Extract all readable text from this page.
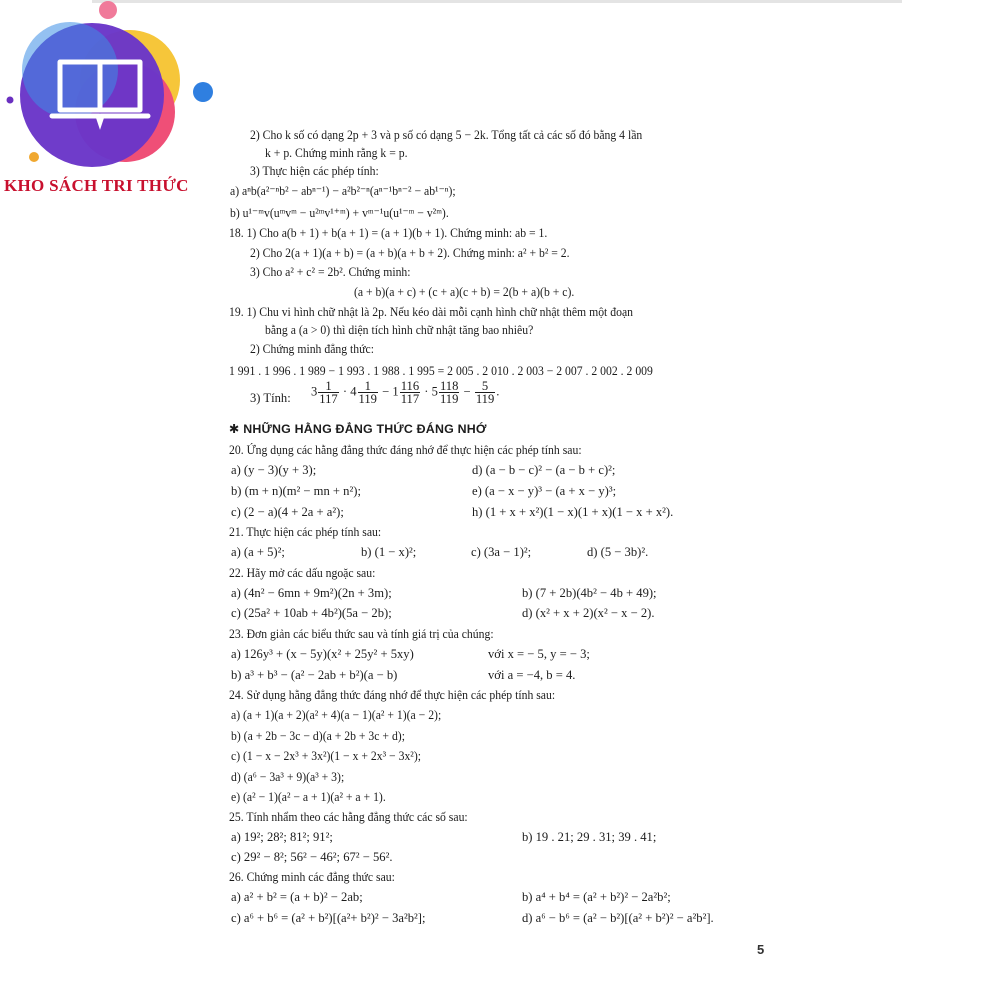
KHO SÁCH TRI THỨC
2) Cho k số có dạng 2p + 3 và p số có dạng 5 − 2k. Tổng tất cả các số đó bằng 4 lần
k + p. Chứng minh rằng k = p.
3) Thực hiện các phép tính:
a) aⁿb(a²⁻ⁿb² − abⁿ⁻¹) − a²b²⁻ⁿ(aⁿ⁻¹bⁿ⁻² − ab¹⁻ⁿ);
b) u¹⁻ᵐv(uᵐvᵐ − u²ᵐv¹⁺ᵐ) + vᵐ⁻¹u(u¹⁻ᵐ − v²ᵐ).
18. 1) Cho a(b + 1) + b(a + 1) = (a + 1)(b + 1). Chứng minh: ab = 1.
2) Cho 2(a + 1)(a + b) = (a + b)(a + b + 2). Chứng minh: a² + b² = 2.
3) Cho a² + c² = 2b². Chứng minh:
(a + b)(a + c) + (c + a)(c + b) = 2(b + a)(b + c).
19. 1) Chu vi hình chữ nhật là 2p. Nếu kéo dài mỗi cạnh hình chữ nhật thêm một đoạn
bằng a (a > 0) thì diện tích hình chữ nhật tăng bao nhiêu?
2) Chứng minh đẳng thức:
1 991 . 1 996 . 1 989 − 1 993 . 1 988 . 1 995 = 2 005 . 2 010 . 2 003 − 2 007 . 2 002 . 2 009
✱ NHỮNG HẰNG ĐẲNG THỨC ĐÁNG NHỚ
20. Ứng dụng các hằng đẳng thức đáng nhớ để thực hiện các phép tính sau:
21. Thực hiện các phép tính sau:
22. Hãy mở các dấu ngoặc sau:
23. Đơn giản các biểu thức sau và tính giá trị của chúng:
24. Sử dụng hằng đẳng thức đáng nhớ để thực hiện các phép tính sau:
a) (a + 1)(a + 2)(a² + 4)(a − 1)(a² + 1)(a − 2);
b) (a + 2b − 3c − d)(a + 2b + 3c + d);
c) (1 − x − 2x³ + 3x²)(1 − x + 2x³ − 3x²);
d) (a⁶ − 3a³ + 9)(a³ + 3);
e) (a² − 1)(a² − a + 1)(a² + a + 1).
25. Tính nhẩm theo các hằng đẳng thức các số sau:
26. Chứng minh các đẳng thức sau:
a) (y − 3)(y + 3);	d) (a − b − c)² − (a − b + c)²;
b) (m + n)(m² − mn + n²);	e) (a − x − y)³ − (a + x − y)³;
c) (2 − a)(4 + 2a + a²);	h) (1 + x + x²)(1 − x)(1 + x)(1 − x + x²).
a) (a + 5)²;	b) (1 − x)²;	c) (3a − 1)²;	d) (5 − 3b)².
a) (4n² − 6mn + 9m²)(2n + 3m);	b) (7 + 2b)(4b² − 4b + 49);
c) (25a² + 10ab + 4b²)(5a − 2b);	d) (x² + x + 2)(x² − x − 2).
a) 126y³ + (x − 5y)(x² + 25y² + 5xy)	với x = − 5, y = − 3;
b) a³ + b³ − (a² − 2ab + b²)(a − b)	với a = −4, b = 4.
a) 19²; 28²; 81²; 91²;	b) 19 . 21; 29 . 31; 39 . 41;
c) 29² − 8²; 56² − 46²; 67² − 56².
a) a² + b² = (a + b)² − 2ab;	b) a⁴ + b⁴ = (a² + b²)² − 2a²b²;
c) a⁶ + b⁶ = (a² + b²)[(a²+ b²)² − 3a²b²];	d) a⁶ − b⁶ = (a² − b²)[(a² + b²)² − a²b²].
3) Tính: $3 \frac{1}{117} \cdot 4 \frac{1}{119} - 1 \frac{116}{117} \cdot 5 \frac{118}{119} - \frac{5}{119}$ .
5
